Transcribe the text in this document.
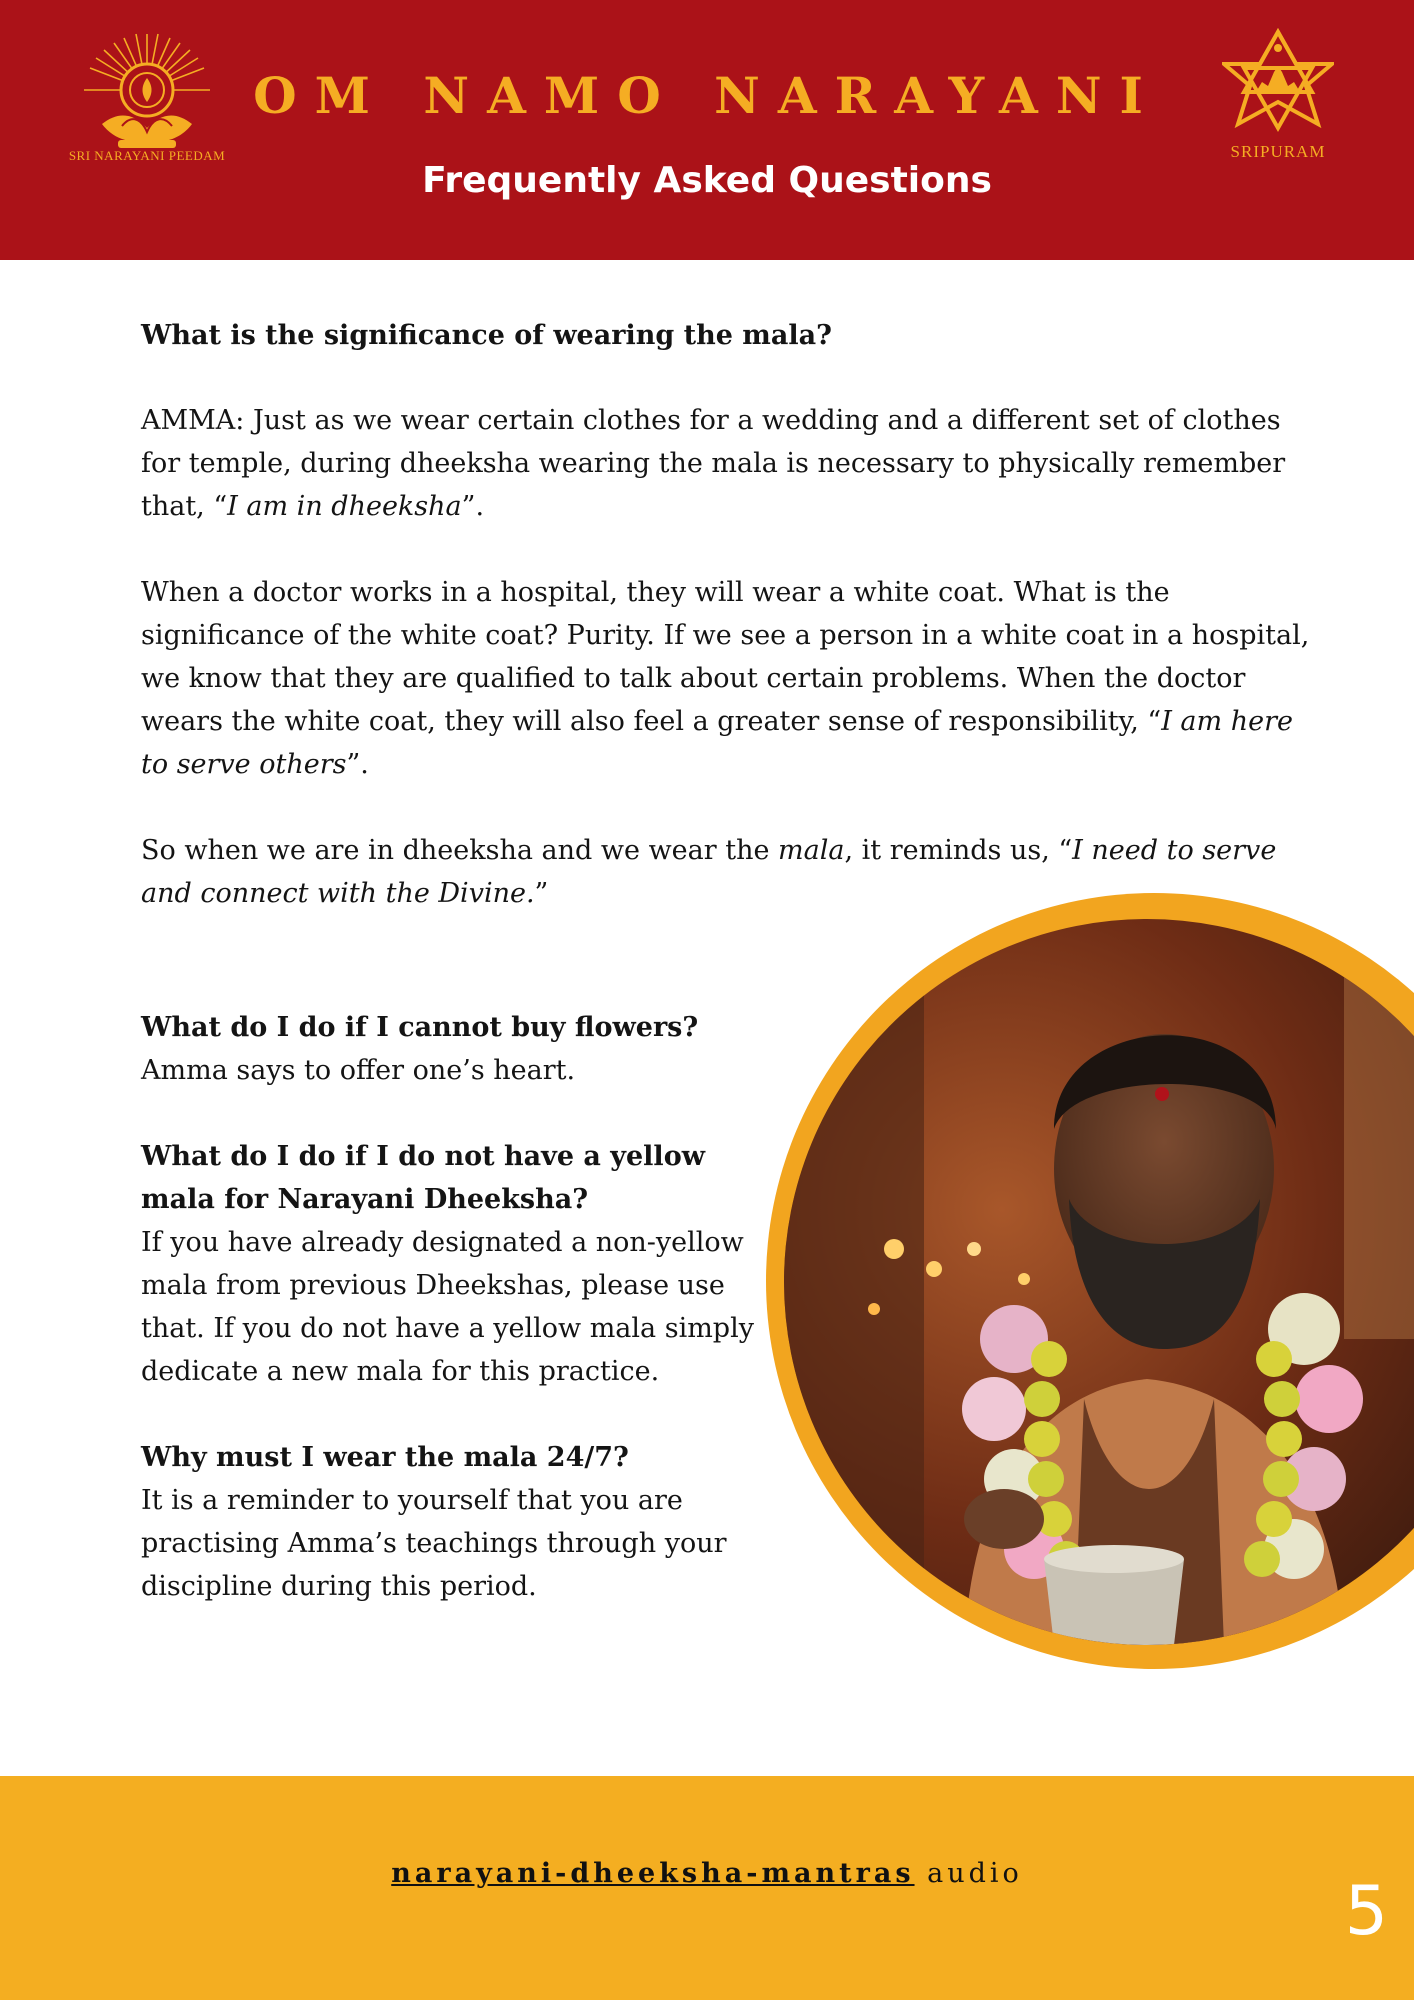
SRI NARAYANI PEEDAM
OM NAMO NARAYANI
Frequently Asked Questions
SRIPURAM

What is the significance of wearing the mala?

AMMA: Just as we wear certain clothes for a wedding and a different set of clothes for temple, during dheeksha wearing the mala is necessary to physically remember that, “I am in dheeksha”.

When a doctor works in a hospital, they will wear a white coat. What is the significance of the white coat? Purity. If we see a person in a white coat in a hospital, we know that they are qualified to talk about certain problems. When the doctor wears the white coat, they will also feel a greater sense of responsibility, “I am here to serve others”.

So when we are in dheeksha and we wear the mala, it reminds us, “I need to serve and connect with the Divine.”

What do I do if I cannot buy flowers?

Amma says to offer one’s heart.

What do I do if I do not have a yellow mala for Narayani Dheeksha?

If you have already designated a non-yellow mala from previous Dheekshas, please use that. If you do not have a yellow mala simply dedicate a new mala for this practice.

Why must I wear the mala 24/7?

It is a reminder to yourself that you are practising Amma’s teachings through your discipline during this period.

narayani-dheeksha-mantras audio	5
